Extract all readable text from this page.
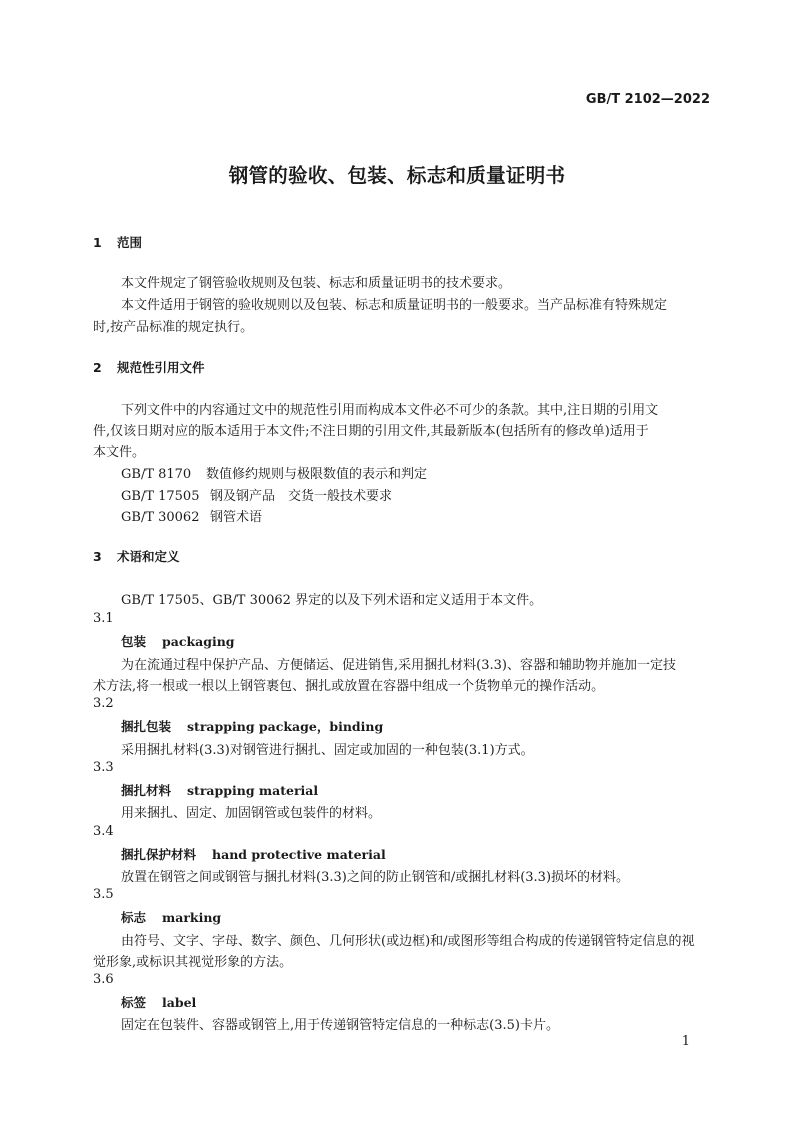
GB/T 2102—2022
钢管的验收、包装、标志和质量证明书
1 范围
本文件规定了钢管验收规则及包装、标志和质量证明书的技术要求。
本文件适用于钢管的验收规则以及包装、标志和质量证明书的一般要求。当产品标准有特殊规定
时,按产品标准的规定执行。
2 规范性引用文件
下列文件中的内容通过文中的规范性引用而构成本文件必不可少的条款。其中,注日期的引用文
件,仅该日期对应的版本适用于本文件;不注日期的引用文件,其最新版本(包括所有的修改单)适用于
本文件。
GB/T 8170 数值修约规则与极限数值的表示和判定
GB/T 17505 钢及钢产品　交货一般技术要求
GB/T 30062 钢管术语
3 术语和定义
GB/T 17505、GB/T 30062 界定的以及下列术语和定义适用于本文件。
3.1
包装 packaging
为在流通过程中保护产品、方便储运、促进销售,采用捆扎材料(3.3)、容器和辅助物并施加一定技
术方法,将一根或一根以上钢管裹包、捆扎或放置在容器中组成一个货物单元的操作活动。
3.2
捆扎包装 strapping package，binding
采用捆扎材料(3.3)对钢管进行捆扎、固定或加固的一种包装(3.1)方式。
3.3
捆扎材料 strapping material
用来捆扎、固定、加固钢管或包装件的材料。
3.4
捆扎保护材料 hand protective material
放置在钢管之间或钢管与捆扎材料(3.3)之间的防止钢管和/或捆扎材料(3.3)损坏的材料。
3.5
标志 marking
由符号、文字、字母、数字、颜色、几何形状(或边框)和/或图形等组合构成的传递钢管特定信息的视
觉形象,或标识其视觉形象的方法。
3.6
标签 label
固定在包装件、容器或钢管上,用于传递钢管特定信息的一种标志(3.5)卡片。
1
